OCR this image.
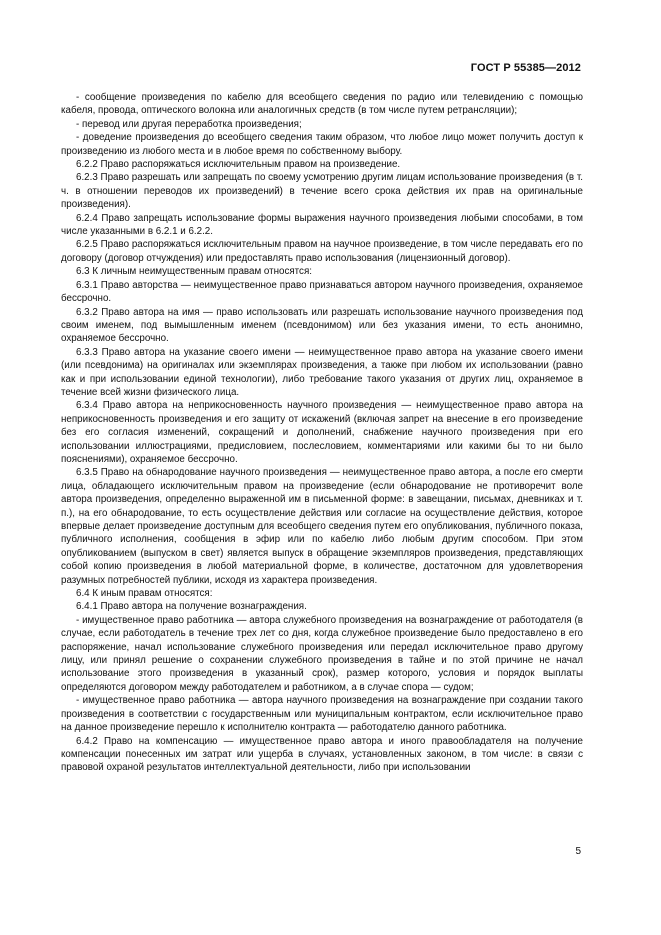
ГОСТ Р 55385—2012

- сообщение произведения по кабелю для всеобщего сведения по радио или телевидению с помощью кабеля, провода, оптического волокна или аналогичных средств (в том числе путем ретрансляции);

- перевод или другая переработка произведения;

- доведение произведения до всеобщего сведения таким образом, что любое лицо может получить доступ к произведению из любого места и в любое время по собственному выбору.

6.2.2 Право распоряжаться исключительным правом на произведение.

6.2.3 Право разрешать или запрещать по своему усмотрению другим лицам использование произведения (в т. ч. в отношении переводов их произведений) в течение всего срока действия их прав на оригинальные произведения).

6.2.4 Право запрещать использование формы выражения научного произведения любыми способами, в том числе указанными в 6.2.1 и 6.2.2.

6.2.5 Право распоряжаться исключительным правом на научное произведение, в том числе передавать его по договору (договор отчуждения) или предоставлять право использования (лицензионный договор).

6.3 К личным неимущественным правам относятся:

6.3.1 Право авторства — неимущественное право признаваться автором научного произведения, охраняемое бессрочно.

6.3.2 Право автора на имя — право использовать или разрешать использование научного произведения под своим именем, под вымышленным именем (псевдонимом) или без указания имени, то есть анонимно, охраняемое бессрочно.

6.3.3 Право автора на указание своего имени — неимущественное право автора на указание своего имени (или псевдонима) на оригиналах или экземплярах произведения, а также при любом их использовании (равно как и при использовании единой технологии), либо требование такого указания от других лиц, охраняемое в течение всей жизни физического лица.

6.3.4 Право автора на неприкосновенность научного произведения — неимущественное право автора на неприкосновенность произведения и его защиту от искажений (включая запрет на внесение в его произведение без его согласия изменений, сокращений и дополнений, снабжение научного произведения при его использовании иллюстрациями, предисловием, послесловием, комментариями или какими бы то ни было пояснениями), охраняемое бессрочно.

6.3.5 Право на обнародование научного произведения — неимущественное право автора, а после его смерти лица, обладающего исключительным правом на произведение (если обнародование не противоречит воле автора произведения, определенно выраженной им в письменной форме: в завещании, письмах, дневниках и т. п.), на его обнародование, то есть осуществление действия или согласие на осуществление действия, которое впервые делает произведение доступным для всеобщего сведения путем его опубликования, публичного показа, публичного исполнения, сообщения в эфир или по кабелю либо любым другим способом. При этом опубликованием (выпуском в свет) является выпуск в обращение экземпляров произведения, представляющих собой копию произведения в любой материальной форме, в количестве, достаточном для удовлетворения разумных потребностей публики, исходя из характера произведения.

6.4 К иным правам относятся:

6.4.1 Право автора на получение вознаграждения.

- имущественное право работника — автора служебного произведения на вознаграждение от работодателя (в случае, если работодатель в течение трех лет со дня, когда служебное произведение было предоставлено в его распоряжение, начал использование служебного произведения или передал исключительное право другому лицу, или принял решение о сохранении служебного произведения в тайне и по этой причине не начал использование этого произведения в указанный срок), размер которого, условия и порядок выплаты определяются договором между работодателем и работником, а в случае спора — судом;

- имущественное право работника — автора научного произведения на вознаграждение при создании такого произведения в соответствии с государственным или муниципальным контрактом, если исключительное право на данное произведение перешло к исполнителю контракта — работодателю данного работника.

6.4.2 Право на компенсацию — имущественное право автора и иного правообладателя на получение компенсации понесенных им затрат или ущерба в случаях, установленных законом, в том числе: в связи с правовой охраной результатов интеллектуальной деятельности, либо при использовании

5
